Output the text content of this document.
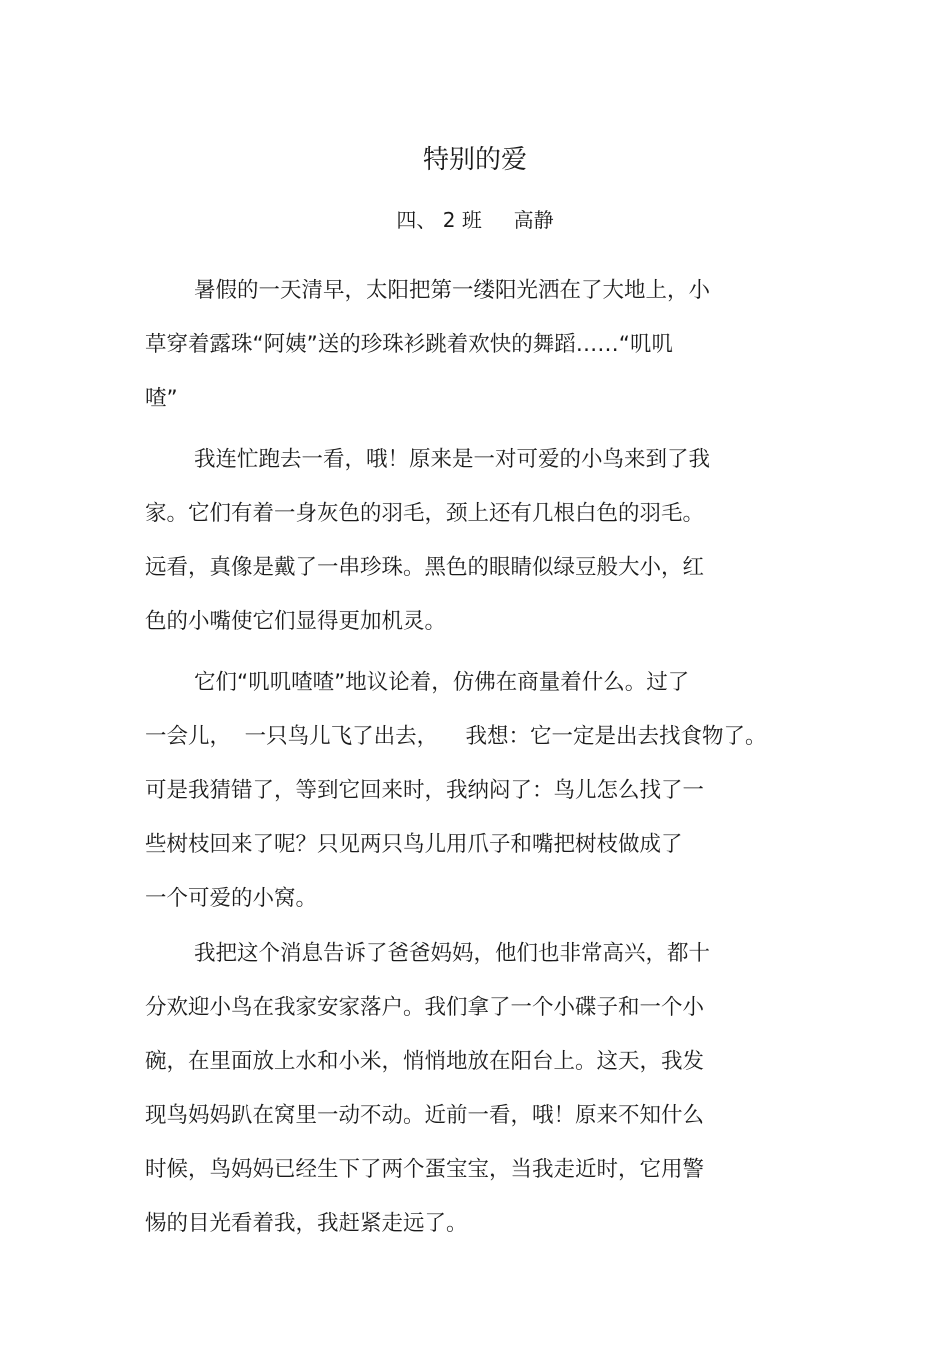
特别的爱
四、 2 班     高静
暑假的一天清早，太阳把第一缕阳光洒在了大地上，小
草穿着露珠“阿姨”送的珍珠衫跳着欢快的舞蹈……“叽叽
喳”
我连忙跑去一看，哦！原来是一对可爱的小鸟来到了我
家。它们有着一身灰色的羽毛，颈上还有几根白色的羽毛。
远看，真像是戴了一串珍珠。黑色的眼睛似绿豆般大小，红
色的小嘴使它们显得更加机灵。
它们“叽叽喳喳”地议论着，仿佛在商量着什么。过了
一会儿，  一只鸟儿飞了出去，    我想：它一定是出去找食物了。
可是我猜错了，等到它回来时，我纳闷了：鸟儿怎么找了一
些树枝回来了呢？只见两只鸟儿用爪子和嘴把树枝做成了
一个可爱的小窝。
我把这个消息告诉了爸爸妈妈，他们也非常高兴，都十
分欢迎小鸟在我家安家落户。我们拿了一个小碟子和一个小
碗，在里面放上水和小米，悄悄地放在阳台上。这天，我发
现鸟妈妈趴在窝里一动不动。近前一看，哦！原来不知什么
时候，鸟妈妈已经生下了两个蛋宝宝，当我走近时，它用警
惕的目光看着我，我赶紧走远了。
